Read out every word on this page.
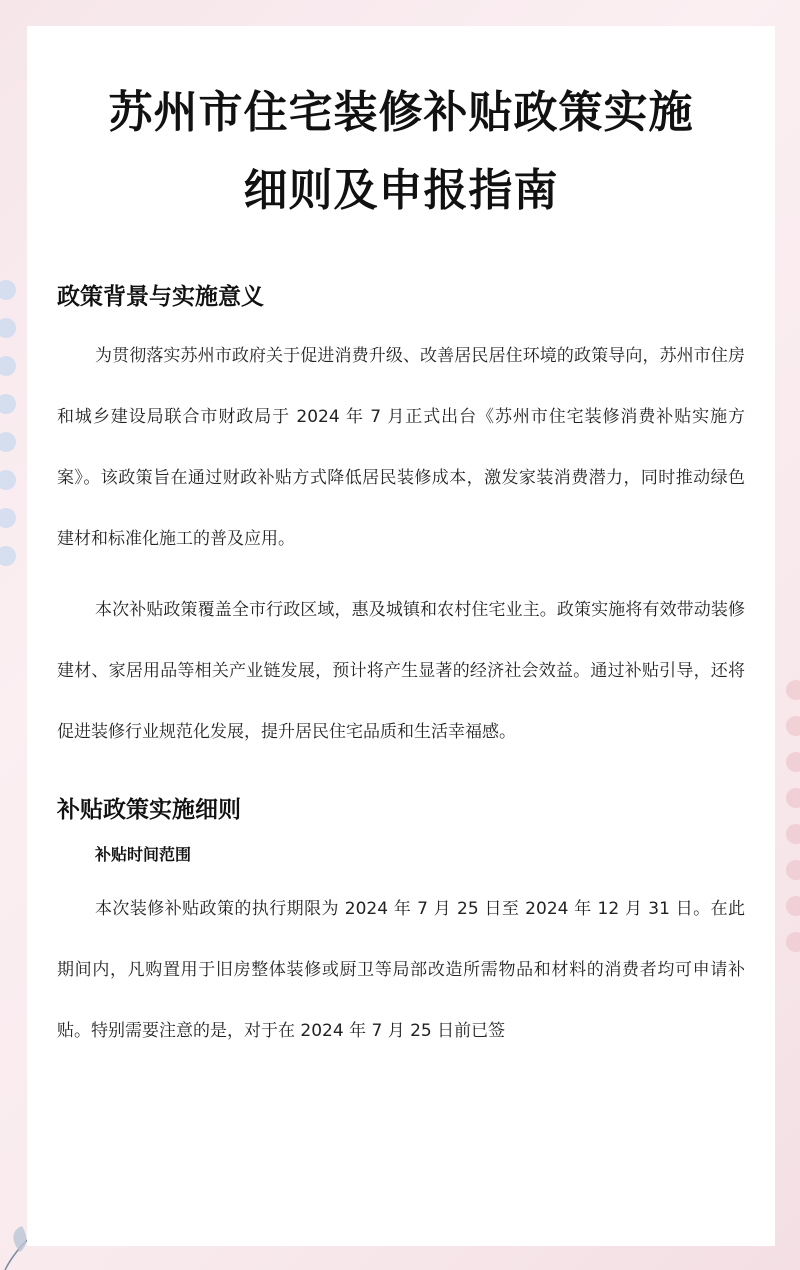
苏州市住宅装修补贴政策实施
细则及申报指南
政策背景与实施意义

为贯彻落实苏州市政府关于促进消费升级、改善居民居住环境的政策导向，苏州市住房和城乡建设局联合市财政局于 2024 年 7 月正式出台《苏州市住宅装修消费补贴实施方案》。该政策旨在通过财政补贴方式降低居民装修成本，激发家装消费潜力，同时推动绿色建材和标准化施工的普及应用。

本次补贴政策覆盖全市行政区域，惠及城镇和农村住宅业主。政策实施将有效带动装修建材、家居用品等相关产业链发展，预计将产生显著的经济社会效益。通过补贴引导，还将促进装修行业规范化发展，提升居民住宅品质和生活幸福感。

补贴政策实施细则
补贴时间范围

本次装修补贴政策的执行期限为 2024 年 7 月 25 日至 2024 年 12 月 31 日。在此期间内，凡购置用于旧房整体装修或厨卫等局部改造所需物品和材料的消费者均可申请补贴。特别需要注意的是，对于在 2024 年 7 月 25 日前已签
